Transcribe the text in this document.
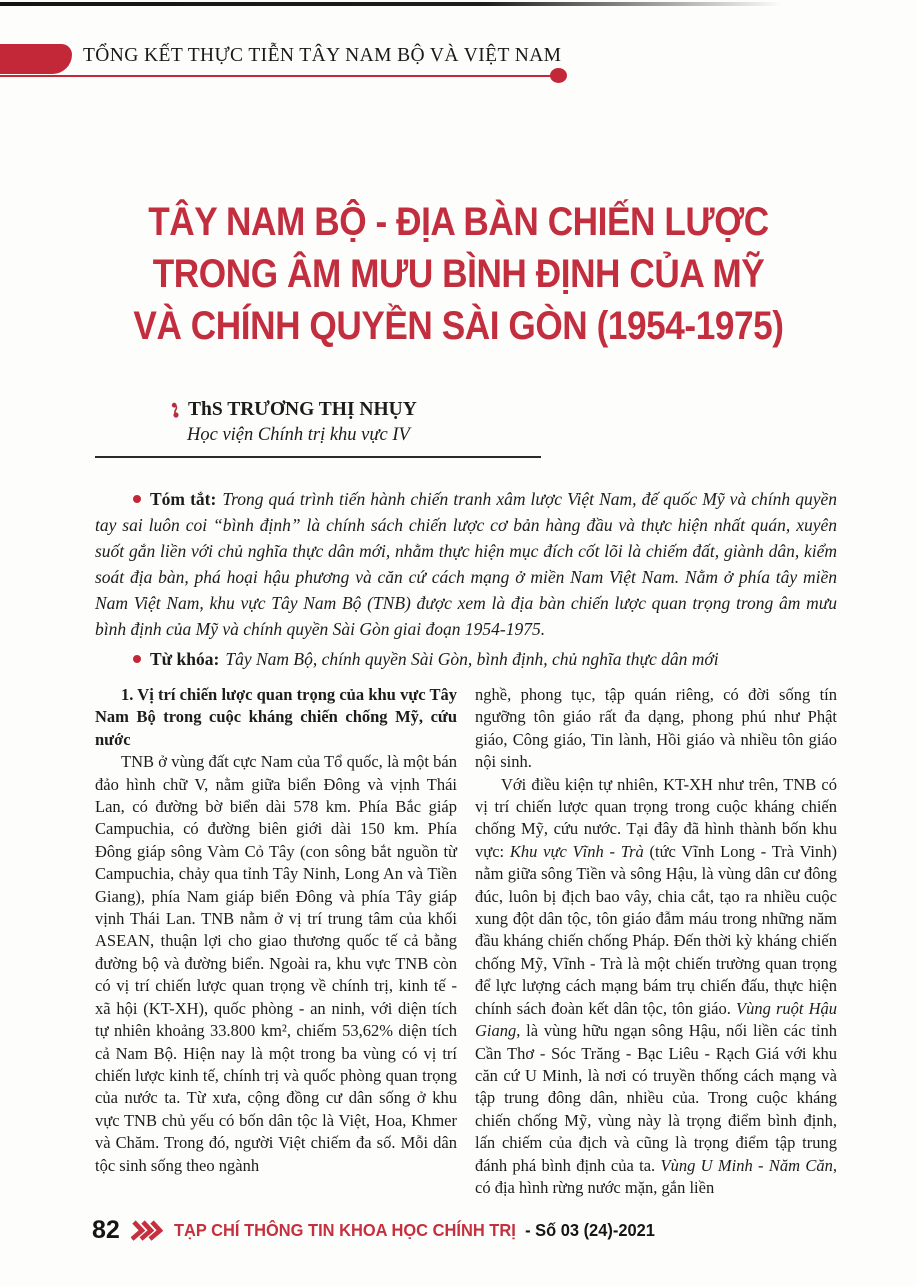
TỔNG KẾT THỰC TIỄN TÂY NAM BỘ VÀ VIỆT NAM
TÂY NAM BỘ - ĐỊA BÀN CHIẾN LƯỢC
TRONG ÂM MƯU BÌNH ĐỊNH CỦA MỸ
VÀ CHÍNH QUYỀN SÀI GÒN (1954-1975)
ThS TRƯƠNG THỊ NHỤY
Học viện Chính trị khu vực IV

Tóm tắt: Trong quá trình tiến hành chiến tranh xâm lược Việt Nam, đế quốc Mỹ và chính quyền tay sai luôn coi “bình định” là chính sách chiến lược cơ bản hàng đầu và thực hiện nhất quán, xuyên suốt gắn liền với chủ nghĩa thực dân mới, nhằm thực hiện mục đích cốt lõi là chiếm đất, giành dân, kiểm soát địa bàn, phá hoại hậu phương và căn cứ cách mạng ở miền Nam Việt Nam. Nằm ở phía tây miền Nam Việt Nam, khu vực Tây Nam Bộ (TNB) được xem là địa bàn chiến lược quan trọng trong âm mưu bình định của Mỹ và chính quyền Sài Gòn giai đoạn 1954-1975.

Từ khóa: Tây Nam Bộ, chính quyền Sài Gòn, bình định, chủ nghĩa thực dân mới

1. Vị trí chiến lược quan trọng của khu vực Tây Nam Bộ trong cuộc kháng chiến chống Mỹ, cứu nước

TNB ở vùng đất cực Nam của Tổ quốc, là một bán đảo hình chữ V, nằm giữa biển Đông và vịnh Thái Lan, có đường bờ biển dài 578 km. Phía Bắc giáp Campuchia, có đường biên giới dài 150 km. Phía Đông giáp sông Vàm Cỏ Tây (con sông bắt nguồn từ Campuchia, chảy qua tỉnh Tây Ninh, Long An và Tiền Giang), phía Nam giáp biển Đông và phía Tây giáp vịnh Thái Lan. TNB nằm ở vị trí trung tâm của khối ASEAN, thuận lợi cho giao thương quốc tế cả bằng đường bộ và đường biển. Ngoài ra, khu vực TNB còn có vị trí chiến lược quan trọng về chính trị, kinh tế - xã hội (KT-XH), quốc phòng - an ninh, với diện tích tự nhiên khoảng 33.800 km², chiếm 53,62% diện tích cả Nam Bộ. Hiện nay là một trong ba vùng có vị trí chiến lược kinh tế, chính trị và quốc phòng quan trọng của nước ta. Từ xưa, cộng đồng cư dân sống ở khu vực TNB chủ yếu có bốn dân tộc là Việt, Hoa, Khmer và Chăm. Trong đó, người Việt chiếm đa số. Mỗi dân tộc sinh sống theo ngành

nghề, phong tục, tập quán riêng, có đời sống tín ngưỡng tôn giáo rất đa dạng, phong phú như Phật giáo, Công giáo, Tin lành, Hồi giáo và nhiều tôn giáo nội sinh.

Với điều kiện tự nhiên, KT-XH như trên, TNB có vị trí chiến lược quan trọng trong cuộc kháng chiến chống Mỹ, cứu nước. Tại đây đã hình thành bốn khu vực: Khu vực Vĩnh - Trà (tức Vĩnh Long - Trà Vinh) nằm giữa sông Tiền và sông Hậu, là vùng dân cư đông đúc, luôn bị địch bao vây, chia cắt, tạo ra nhiều cuộc xung đột dân tộc, tôn giáo đẫm máu trong những năm đầu kháng chiến chống Pháp. Đến thời kỳ kháng chiến chống Mỹ, Vĩnh - Trà là một chiến trường quan trọng để lực lượng cách mạng bám trụ chiến đấu, thực hiện chính sách đoàn kết dân tộc, tôn giáo. Vùng ruột Hậu Giang, là vùng hữu ngạn sông Hậu, nối liền các tỉnh Cần Thơ - Sóc Trăng - Bạc Liêu - Rạch Giá với khu căn cứ U Minh, là nơi có truyền thống cách mạng và tập trung đông dân, nhiều của. Trong cuộc kháng chiến chống Mỹ, vùng này là trọng điểm bình định, lấn chiếm của địch và cũng là trọng điểm tập trung đánh phá bình định của ta. Vùng U Minh - Năm Căn, có địa hình rừng nước mặn, gắn liền

82	TẠP CHÍ THÔNG TIN KHOA HỌC CHÍNH TRỊ - Số 03 (24)-2021
